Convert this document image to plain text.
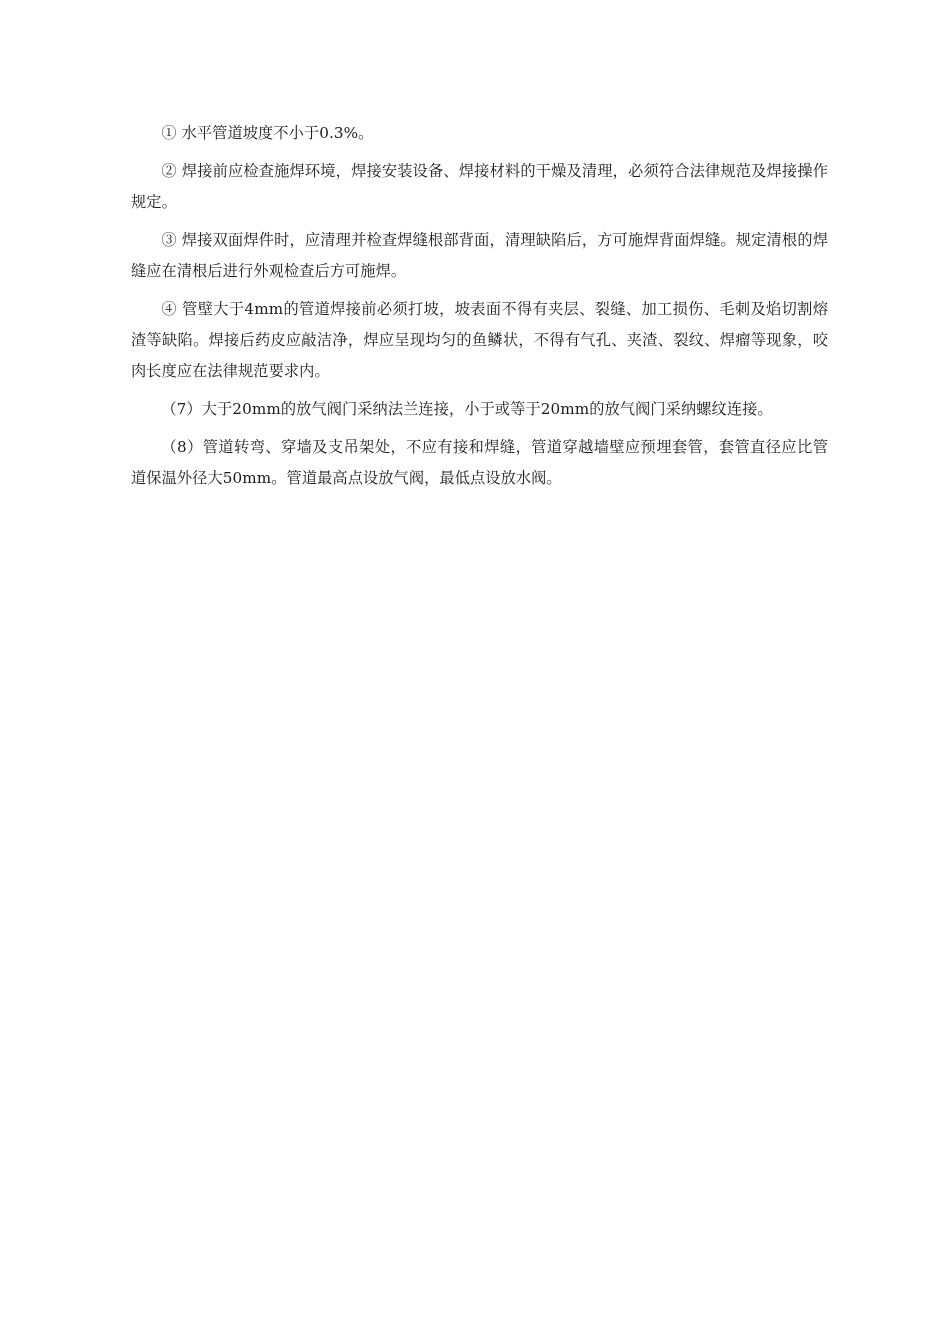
① 水平管道坡度不小于0.3%。

② 焊接前应检查施焊环境，焊接安装设备、焊接材料的干燥及清理，必须符合法律规范及焊接操作规定。

③ 焊接双面焊件时，应清理并检查焊缝根部背面，清理缺陷后，方可施焊背面焊缝。规定清根的焊缝应在清根后进行外观检查后方可施焊。

④ 管壁大于4mm的管道焊接前必须打坡，坡表面不得有夹层、裂缝、加工损伤、毛刺及焰切割熔渣等缺陷。焊接后药皮应敲洁净，焊应呈现均匀的鱼鳞状，不得有气孔、夹渣、裂纹、焊瘤等现象，咬肉长度应在法律规范要求内。

（7）大于20mm的放气阀门采纳法兰连接，小于或等于20mm的放气阀门采纳螺纹连接。

（8）管道转弯、穿墙及支吊架处，不应有接和焊缝，管道穿越墙壁应预埋套管，套管直径应比管道保温外径大50mm。管道最高点设放气阀，最低点设放水阀。
